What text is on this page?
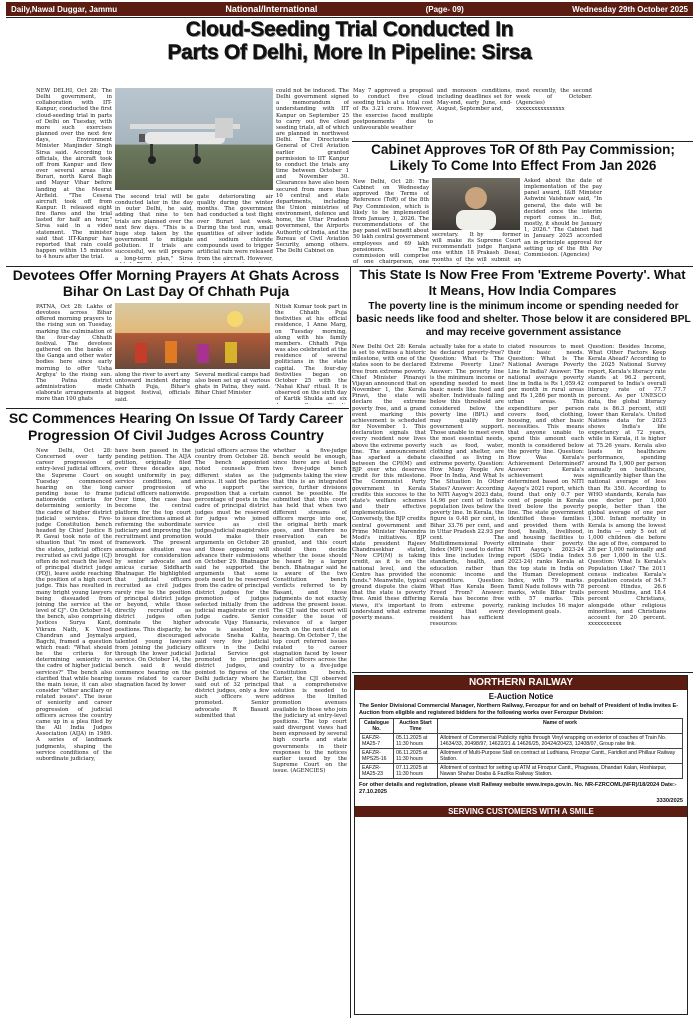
Daily,Nawal Duggar, Jammu	National/International	(Page- 09)	Wednesday 29th October 2025
Cloud-Seeding Trial Conducted In
Parts Of Delhi, More In Pipeline: Sirsa
NEW DELHI, Oct 28: The Delhi government, in collaboration with IIT-Kanpur, conducted the first cloud-seeding trial in parts of Delhi on Tuesday, with more such exercises planned over the next few days, Environment Minister Manjinder Singh Sirsa said. According to officials, the aircraft took off from Kanpur and flew over several areas like Burari, north Karol Bagh and Mayur Vihar before landing at the Meerut Airfield. "The Cessna aircraft took off from Kanpur. It released eight fire flares and the trial lasted for half an hour," Sirsa said in a video statement. The minister said that IIT-Kanpur has reported that rain could happen within 15 minutes to 4 hours after the trial.
The second trial will be conducted later in the day in outer Delhi, he said, adding that nine to ten trials are planned over the next few days. "This is a huge step taken by the government to mitigate pollution. If trials are successful, we will prepare a long-term plan," Sirsa
gate deteriorating air quality during the winter months. The government had conducted a test flight over Burari last week. During the test run, small quantities of silver iodide and sodium chloride compounds used to trigger artificial rain were released from the aircraft. However,
could not be induced. The Delhi government signed a memorandum of understanding with IIT Kanpur on September 25 to carry out five cloud seeding trials, all of which are planned in northwest Delhi. The Directorate General of Civil Aviation earlier granted permission to IIT Kanpur to conduct the trials any time between October 1 and November 30. Clearances have also been secured from more than 10 central and state departments, including the Union ministries of environment, defence and home, the Uttar Pradesh government, the Airports Authority of India, and the Bureau of Civil Aviation Security, among others. The Delhi Cabinet on
May 7 approved a proposal to conduct five cloud seeding trials at a total cost of Rs 3.21 crore. However, the exercise faced multiple postponements due to unfavourable weather
and monsoon conditions, including deadlines set for May-end, early June, end-August, September and,
most recently, the second week of October. (Agencies) xxxxxxxxxxxxxxxx
Cabinet Approves ToR Of 8th Pay Commission;
Likely To Come Into Effect From Jan 2026
New Delhi, Oct 28: The Cabinet on Wednesday approved the Terms of Reference (ToR) of the 8th Pay Commission, which is likely to be implemented from January 1, 2026. The recommendations of the pay panel will benefit about 50 lakh central government employees and 69 lakh pensioners. The commission will comprise of one chairperson, one
secretary. It will make its recommendations within 18 months of the
by former Supreme Court judge Ranjana Prakash Desai, will submit an
Asked about the date of implementation of the pay panel award, I&B Minister Ashwini Vaishnaw said, "In general, the date will be decided once the interim report comes in... But, mostly, it should be January 1, 2026." The Cabinet had in January 2025 accorded an in-principle approval for setting up of the 8th Pay Commission. (Agencies)
Devotees Offer Morning Prayers At Ghats Across
Bihar On Last Day Of Chhath Puja
PATNA, Oct 28: Lakhs of devotees across Bihar offered morning prayers to the rising sun on Tuesday, marking the culmination of the four-day Chhath festival. The devotees gathered on the banks of the Ganga and other water bodies here since early morning to offer 'Usha Arghya' to the rising sun. The Patna district administration made elaborate arrangements at more than 100 ghats
along the river to avert any untoward incident during Chhath Puja, Bihar's biggest festival, officials said.
Several medical camps had also been set up at various ghats in Patna, they said. Bihar Chief Minister
Nitish Kumar took part in the Chhath Puja festivities at his official residence, 1 Anne Marg, on Tuesday morning, along with his family members. Chhath Puja was also celebrated at the residence of several politicians in the state capital. The four-day festivities began on October 25 with the 'Nahai Khai' ritual. It is observed on the sixth day of Kartik Shukla and six
This State Is Now Free From 'Extreme Poverty'. What
It Means, How India Compares
The poverty line is the minimum income or spending needed for basic needs like food and shelter. Those below it are considered BPL and may receive government assistance
New Delhi Oct 28: Kerala is set to witness a historic milestone, with one of the states soon to be declared free from extreme poverty. Chief Minister Pinarayi Vijayan announced that on November 1, the Kerala Piravi, the state will declare the extreme poverty free, and a grand event marking this achievement is scheduled for November 1. This declaration signals that every resident now lives above the extreme poverty line. The announcement has sparked a debate between the CPI(M) and BJP over who deserves credit for this milestone. The Communist Party government in Kerala credits this success to the state's welfare schemes and their effective implementation. Conversely, the BJP credits central government and Prime Minister Narendra Modi's initiatives. BJP state president Rajeev Chandrasekhar stated, "Now CPI(M) is taking credit, as it is on the national level, and the Centre has provided the funds." Meanwhile, typical ground dispute the claim that the state is poverty free. Amid these differing views, it's important to understand what extreme poverty means.
actually take for a state to be declared poverty-free? Question: What Is The Extreme Poverty Line? Answer: The poverty line is the minimum income or spending needed to meet basic needs like food and shelter. Individuals falling below this threshold are considered below the poverty line (BPL) and may qualify for government support. Those unable to meet even the most essential needs, such as food, water, clothing and shelter, are classified as living in extreme poverty. Question: How Many People Are Poor In India, And What Is The Situation In Other States? Answer: According to NITI Aayog's 2023 data, 14.96 per cent of India's population lives below the poverty line. In Kerala, the figure is 0.48 per cent, in Bihar 33.76 per cent, and in Uttar Pradesh 22.93 per cent. The Multidimensional Poverty Index (MPI) used to define this line includes living standards, health, and education rather than economic income and expenditure. Question: What Has Kerala Been Freed From? Answer: Kerala has become free from extreme poverty, meaning that every resident has sufficient resources
ciated resources to meet their basic needs. Question: What Is The National Average Poverty Line In India? Answer: The national average poverty line in India is Rs 1,059.42 per month in rural areas and Rs 1,286 per month in urban areas. This expenditure per person covers food, clothing, housing, and other basic necessities. This means that anyone unable to spend this amount each month is considered below the poverty line. Question: How Was Kerala's Achievement Determined? Answer: Kerala's achievement was determined based on NITI Aayog's 2021 report, which found that only 0.7 per cent of people in Kerala lived below the poverty line. The state government identified these families and provided them with food, health, livelihood, and housing facilities to eliminate their poverty. NITI Aayog's 2023-24 report (SDG India Index 2023-24) ranks Kerala at the top state in India on the Human Development Index, with 79 marks. Tamil Nadu follows with 78 marks, while Bihar trails with 57 marks. This ranking includes 16 major development goals.
Question: Besides Income, What Other Factors Keep Kerala Ahead? According to the 2025 National Survey report, Kerala's literacy rate stands at 96.2 percent, compared to India's overall literacy rate of 77.7 percent. As per UNESCO data, the global literacy rate is 86.3 percent, still lower than Kerala's. United Nations data for 2023 shows India's life expectancy at 72 years, while in Kerala, it is higher at 75.26 years. Kerala also leads in healthcare performance, spending around Rs 1,900 per person annually on healthcare, significantly higher than the national average of less than Rs 350. According to WHO standards, Kerala has one doctor per 1,000 people, better than the global average of one per 1,300. Infant mortality in Kerala is among the lowest in India — only 5 out of 1,000 children die before the age of five, compared to 28 per 1,000 nationally and 5.6 per 1,000 in the U.S. Question: What Is Kerala's Population Like? The 2011 census indicates Kerala's population consists of 54.7 percent Hindus, 26.6 percent Muslims, and 18.4 percent Christians, alongside other religious minorities, and Christians account for 20 percent. xxxxxxxxxxx
SC Commences Hearing On Issue Of Tardy Career
Progression Of Civil Judges Across Country
New Delhi, Oct 28: Concerned over tardy career progression of entry-level judicial officers, the Supreme Court on Tuesday commenced hearing on the long pending issue to frame nationwide criteria for determining seniority in the cadre of higher district judicial services. Five-judge Constitution bench headed by Chief Justice B R Gavai took note of the situation that "in most of the states, judicial officers recruited as civil judge (CJ) often do not reach the level of principal district judge (PDJ), leave aside reaching the position of a high court judge. This has resulted in many bright young lawyers being dissuaded from joining the service at the level of CJ". On October 14, the bench, also comprising Justices Surya Kant, Vikram Nath, K Vinod Chandran and Joymalya Bagchi, framed a question which read: "What should be the criteria for determining seniority in the cadre of higher judicial services?" The bench also clarified that while hearing the main issue, it can also consider "other ancillary or related issues". The issue of seniority and career progression of judicial officers across the country came up in a plea filed by the All India Judges Association (AIJA) in 1989. A series of landmark judgments, shaping the service conditions of the subordinate judiciary,
have been passed in the pending petition. The AIJA petition, originally filed over three decades ago, sought uniformity in pay, service conditions, and career progression of judicial officers nationwide. Over time, the case has become the central platform for the top court to issue directions aimed at reforming the subordinate judiciary and improving the recruitment and promotion framework. The present anomalous situation was brought for consideration by senior advocate and amicus curiae Siddharth Bhatnagar. He highlighted that judicial officers recruited as civil judges rarely rise to the position of principal district judge or beyond, while those directly recruited as district judges often dominate the higher positions. This disparity, he argued, discouraged talented young lawyers from joining the judiciary through the lower judicial service. On October 14, the bench said it would commence hearing on the issues related to career stagnation faced by lower
judicial officers across the country from October 28. The bench appointed noted counsels from different states as the amicus. It said the parties who support the proposition that a certain percentage of posts in the cadre of principal district judges must be reserved for judges who joined service as civil judges/judicial magistrates would make their arguments on October 28 and those opposing will advance their submissions on October 29. Bhatnagar said he supported the arguments that some posts need to be reserved from the cadre of principal district judges for the promotion of judges selected initially from the judicial magistrate or civil judge cadre. Senior advocate Vijay Hansaria, who is assisted by advocate Sneha Kalita, said very few judicial officers in the Delhi Judicial Service got promoted to principal district judges, and pointed to figures of the Delhi judiciary where he said out of 32 principal district judges, only a few such officers were promoted. Senior advocate R Basant submitted that
whether a five-judge bench would be enough, since there are at least two five-judge bench judgments taking the view that this is an integrated service, further divisions cannot be possible. He submitted that this court has held that when two different streams of officers merge into one, the original birth mark goes, and therefore no reservation can be granted, and this court should then decide whether the issue should be heard by a larger bench. Bhatnagar said he is aware of the two Constitution bench verdicts referred to by Basant, and those judgments do not exactly address the present issue. The CJI said the court will consider the issue of relevance of a larger bench on the next date of hearing. On October 7, the top court referred issues related to career stagnation faced by lower judicial officers across the country to a five-judge Constitution bench. Earlier, the CJI observed that a comprehensive solution is needed to address the limited promotion avenues available to those who join the judiciary at entry-level positions. The top court said divergent views had been expressed by several high courts and state governments in their responses to the notices earlier issued by the Supreme Court on the issue. (AGENCIES)
NORTHERN RAILWAY
E-Auction Notice
The Senior Divisional Commercial Manager, Northern Railway, Ferozpur for and on behalf of President of India invites E-Auction from eligible and registered bidders for the following works over Ferozpur Division:
Catalogue No.	Auction Start Time	Name of work
EAFZR-MA25-7	05.11.2025 at 11:30 hours	Allotment of Commercial Publicity rights through Vinyl wrapping on exterior of coaches of Train No. 14634/33, 20498/97, 14622/21 & 14626/25, 20424/20423, 12408/07, Group rake link.
EAFZR-MPS25-16	06.11.2025 at 11:30 hours	Allotment of Multi-Purpose Stall on contract at Ludhiana, Firozpur Cantt., Faridkot and Phillaur Railway Station.
EAFZR-MA25-23	07.11.2025 at 11:30 hours	Allotment of contract for setting up ATM at Firozpur Cantt., Phagwara, Dhandari Kalan, Hoshiarpur, Nawan Shahar Doaba & Fazilka Railway Station.
For other details and registration, please visit Railway website www.ireps.gov.in. No. NR-FZRCOML(NFR)/18/2024 Date:- 27.10.2025
3330/2025
SERVING CUSTOMERS WITH A SMILE
